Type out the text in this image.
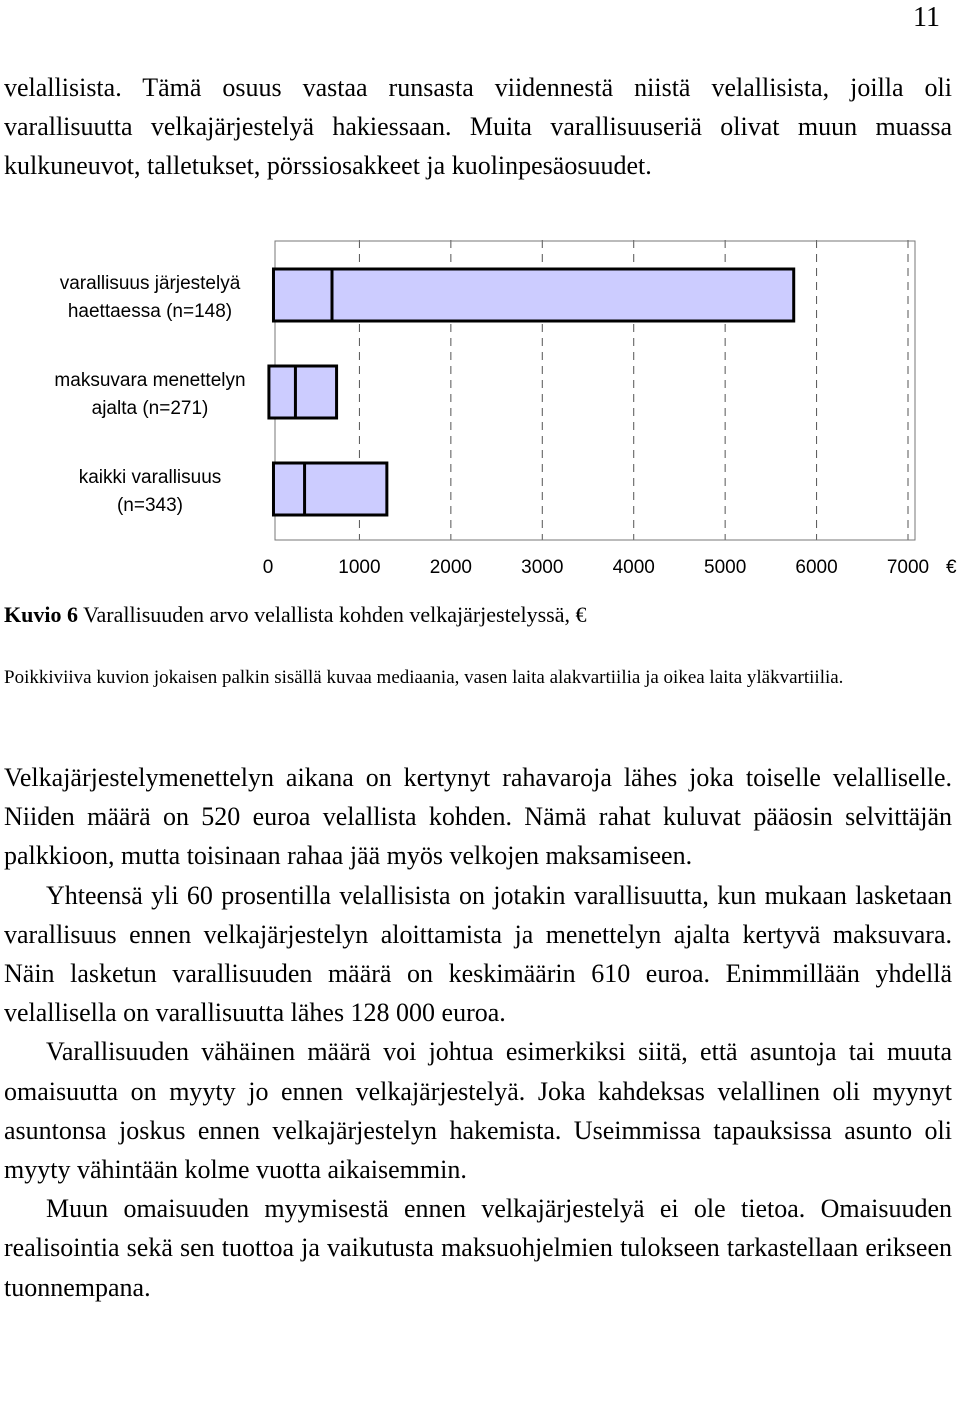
11

velallisista. Tämä osuus vastaa runsasta viidennestä niistä velallisista, joilla oli varallisuutta velkajärjestelyä hakiessaan. Muita varallisuuseriä olivat muun muassa kulkuneuvot, talletukset, pörssiosakkeet ja kuolinpesäosuudet.

varallisuus järjestelyä
haettaessa (n=148)
maksuvara menettelyn
ajalta (n=271)
kaikki varallisuus
(n=343)
0	1000	2000	3000	4000	5000	6000	7000 €
Kuvio 6 Varallisuuden arvo velallista kohden velkajärjestelyssä, €

Poikkiviiva kuvion jokaisen palkin sisällä kuvaa mediaania, vasen laita alakvartiilia ja oikea laita yläkvartiilia.

Velkajärjestelymenettelyn aikana on kertynyt rahavaroja lähes joka toiselle velalliselle. Niiden määrä on 520 euroa velallista kohden. Nämä rahat kuluvat pääosin selvittäjän palkkioon, mutta toisinaan rahaa jää myös velkojen maksamiseen.

Yhteensä yli 60 prosentilla velallisista on jotakin varallisuutta, kun mukaan lasketaan varallisuus ennen velkajärjestelyn aloittamista ja menettelyn ajalta kertyvä maksuvara. Näin lasketun varallisuuden määrä on keskimäärin 610 euroa. Enimmillään yhdellä velallisella on varallisuutta lähes 128 000 euroa.

Varallisuuden vähäinen määrä voi johtua esimerkiksi siitä, että asuntoja tai muuta omaisuutta on myyty jo ennen velkajärjestelyä. Joka kahdeksas velallinen oli myynyt asuntonsa joskus ennen velkajärjestelyn hakemista. Useimmissa tapauksissa asunto oli myyty vähintään kolme vuotta aikaisemmin.

Muun omaisuuden myymisestä ennen velkajärjestelyä ei ole tietoa. Omaisuuden realisointia sekä sen tuottoa ja vaikutusta maksuohjelmien tulokseen tarkastellaan erikseen tuonnempana.
